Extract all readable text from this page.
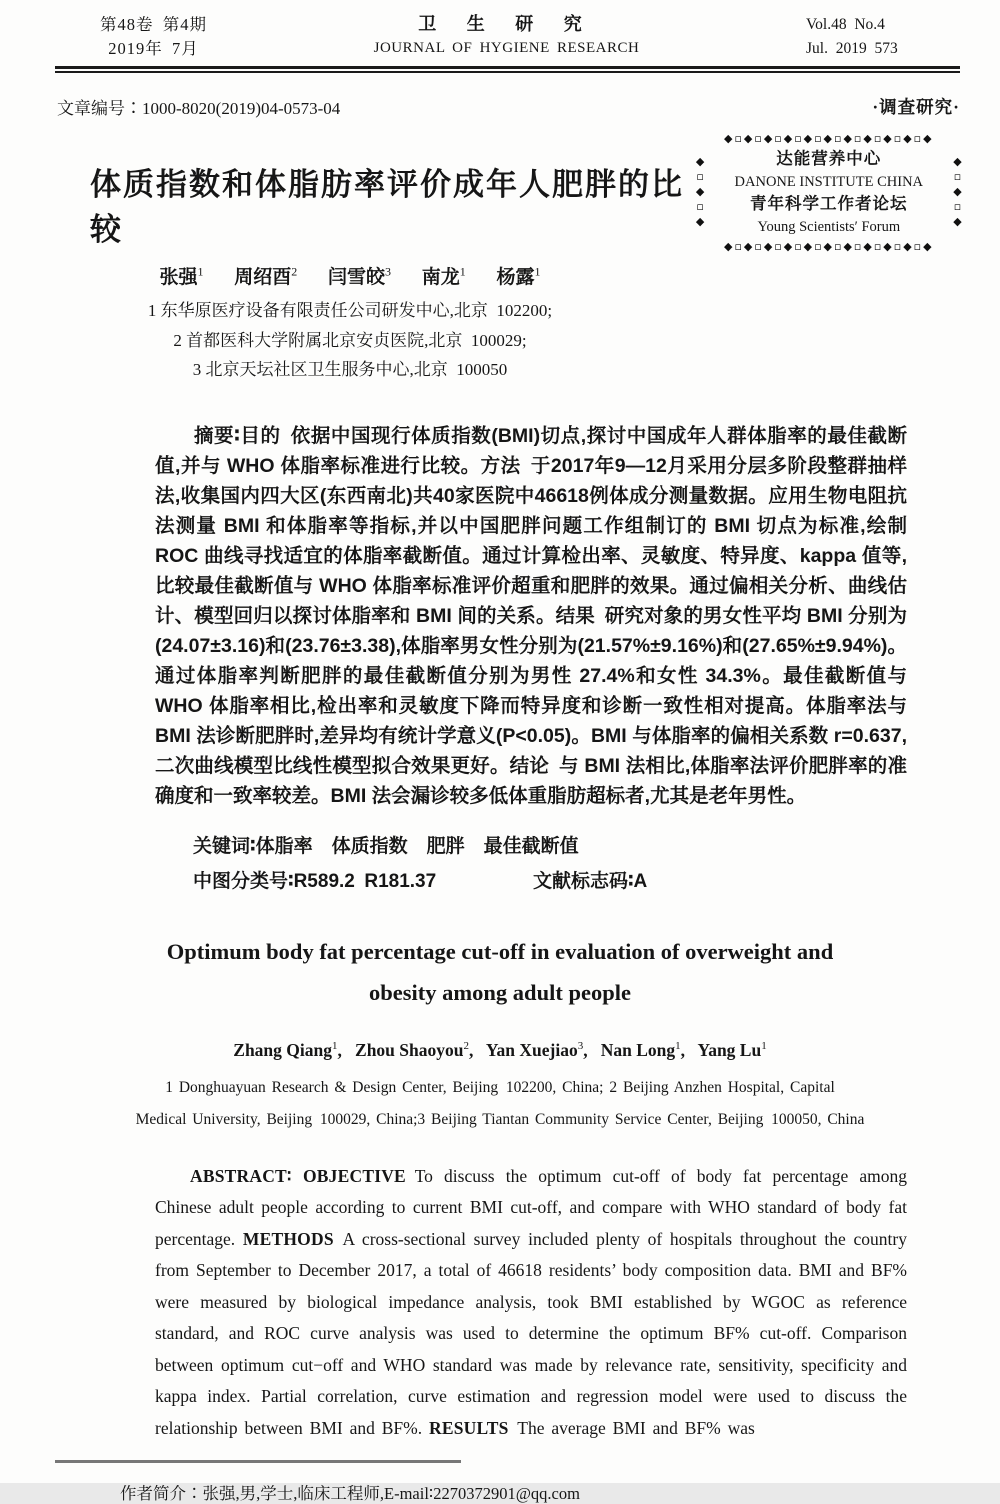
第48卷 第4期
2019年 7月
卫 生 研 究
JOURNAL OF HYGIENE RESEARCH
Vol.48 No.4
Jul. 2019 573
文章编号∶1000-8020(2019)04-0573-04	·调查研究·
体质指数和体脂肪率评价成年人肥胖的比较
◆▫◆▫◆▫◆▫◆▫◆▫◆▫◆▫◆▫◆▫◆ 达能营养中心
DANONE INSTITUTE CHINA
青年科学工作者论坛
Young Scientists′ Forum
◆▫◆▫◆▫◆▫◆▫◆▫◆▫◆▫◆▫◆▫◆
张强$^1$ 周绍酉$^2$ 闫雪皎$^3$ 南龙$^1$ 杨露$^1$
1 东华原医疗设备有限责任公司研发中心,北京 102200;
2 首都医科大学附属北京安贞医院,北京 100029;
3 北京天坛社区卫生服务中心,北京 100050

摘要∶目的 依据中国现行体质指数(BMI)切点,探讨中国成年人群体脂率的最佳截断值,并与 WHO 体脂率标准进行比较。方法 于2017年9—12月采用分层多阶段整群抽样法,收集国内四大区(东西南北)共40家医院中46618例体成分测量数据。应用生物电阻抗法测量 BMI 和体脂率等指标,并以中国肥胖问题工作组制订的 BMI 切点为标准,绘制 ROC 曲线寻找适宜的体脂率截断值。通过计算检出率、灵敏度、特异度、kappa 值等,比较最佳截断值与 WHO 体脂率标准评价超重和肥胖的效果。通过偏相关分析、曲线估计、模型回归以探讨体脂率和 BMI 间的关系。结果 研究对象的男女性平均 BMI 分别为(24.07±3.16)和(23.76±3.38),体脂率男女性分别为(21.57%±9.16%)和(27.65%±9.94%)。通过体脂率判断肥胖的最佳截断值分别为男性 27.4%和女性 34.3%。最佳截断值与 WHO 体脂率相比,检出率和灵敏度下降而特异度和诊断一致性相对提高。体脂率法与 BMI 法诊断肥胖时,差异均有统计学意义(P<0.05)。BMI 与体脂率的偏相关系数 r=0.637,二次曲线模型比线性模型拟合效果更好。结论 与 BMI 法相比,体脂率法评价肥胖率的准确度和一致率较差。BMI 法会漏诊较多低体重脂肪超标者,尤其是老年男性。

关键词∶体脂率 体质指数 肥胖 最佳截断值
中图分类号∶R589.2 R181.37	文献标志码∶A
Optimum body fat percentage cut-off in evaluation of overweight and
obesity among adult people
Zhang Qiang$^1$ ,  Zhou Shaoyou$^2$ ,  Yan Xuejiao$^3$ ,  Nan Long$^1$ ,  Yang Lu$^1$
1 Donghuayuan Research & Design Center, Beijing 102200, China; 2 Beijing Anzhen Hospital, Capital
Medical University, Beijing 100029, China;3 Beijing Tiantan Community Service Center, Beijing 100050, China

ABSTRACT∶ OBJECTIVE To discuss the optimum cut-off of body fat percentage among Chinese adult people according to current BMI cut-off, and compare with WHO standard of body fat percentage. METHODS A cross-sectional survey included plenty of hospitals throughout the country from September to December 2017, a total of 46618 residents’ body composition data. BMI and BF% were measured by biological impedance analysis, took BMI established by WGOC as reference standard, and ROC curve analysis was used to determine the optimum BF% cut-off. Comparison between optimum cut−off and WHO standard was made by relevance rate, sensitivity, specificity and kappa index. Partial correlation, curve estimation and regression model were used to discuss the relationship between BMI and BF%. RESULTS The average BMI and BF% was

作者简介∶张强,男,学士,临床工程师,E-mail∶2270372901@qq.com
